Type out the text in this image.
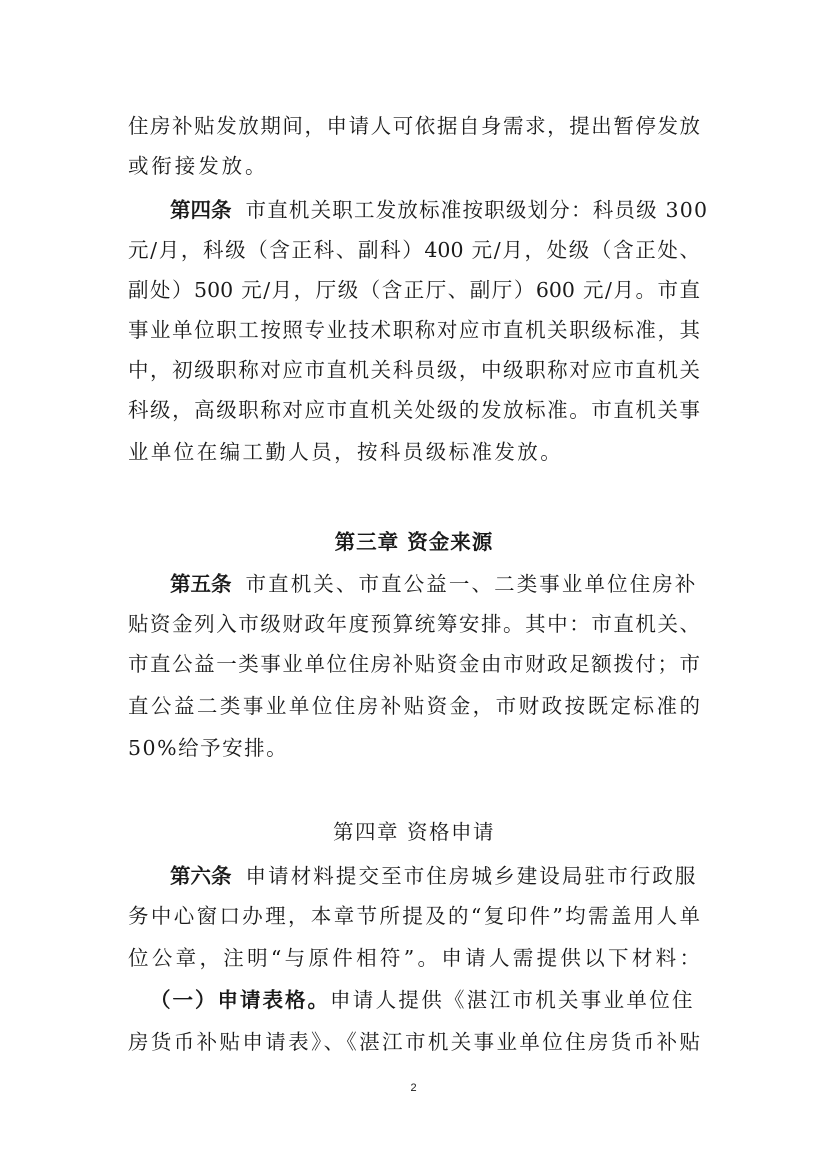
住房补贴发放期间，申请人可依据自身需求，提出暂停发放
或衔接发放。
第四条 市直机关职工发放标准按职级划分：科员级 300
元/月，科级（含正科、副科）400 元/月，处级（含正处、
副处）500 元/月，厅级（含正厅、副厅）600 元/月。市直
事业单位职工按照专业技术职称对应市直机关职级标准，其
中，初级职称对应市直机关科员级，中级职称对应市直机关
科级，高级职称对应市直机关处级的发放标准。市直机关事
业单位在编工勤人员，按科员级标准发放。
第三章 资金来源
第五条 市直机关、市直公益一、二类事业单位住房补
贴资金列入市级财政年度预算统筹安排。其中：市直机关、
市直公益一类事业单位住房补贴资金由市财政足额拨付；市
直公益二类事业单位住房补贴资金，市财政按既定标准的
50%给予安排。
第四章 资格申请
第六条 申请材料提交至市住房城乡建设局驻市行政服
务中心窗口办理，本章节所提及的“复印件”均需盖用人单
位公章，注明“与原件相符”。申请人需提供以下材料：
（一）申请表格。申请人提供《湛江市机关事业单位住
房货币补贴申请表》、《湛江市机关事业单位住房货币补贴
2
